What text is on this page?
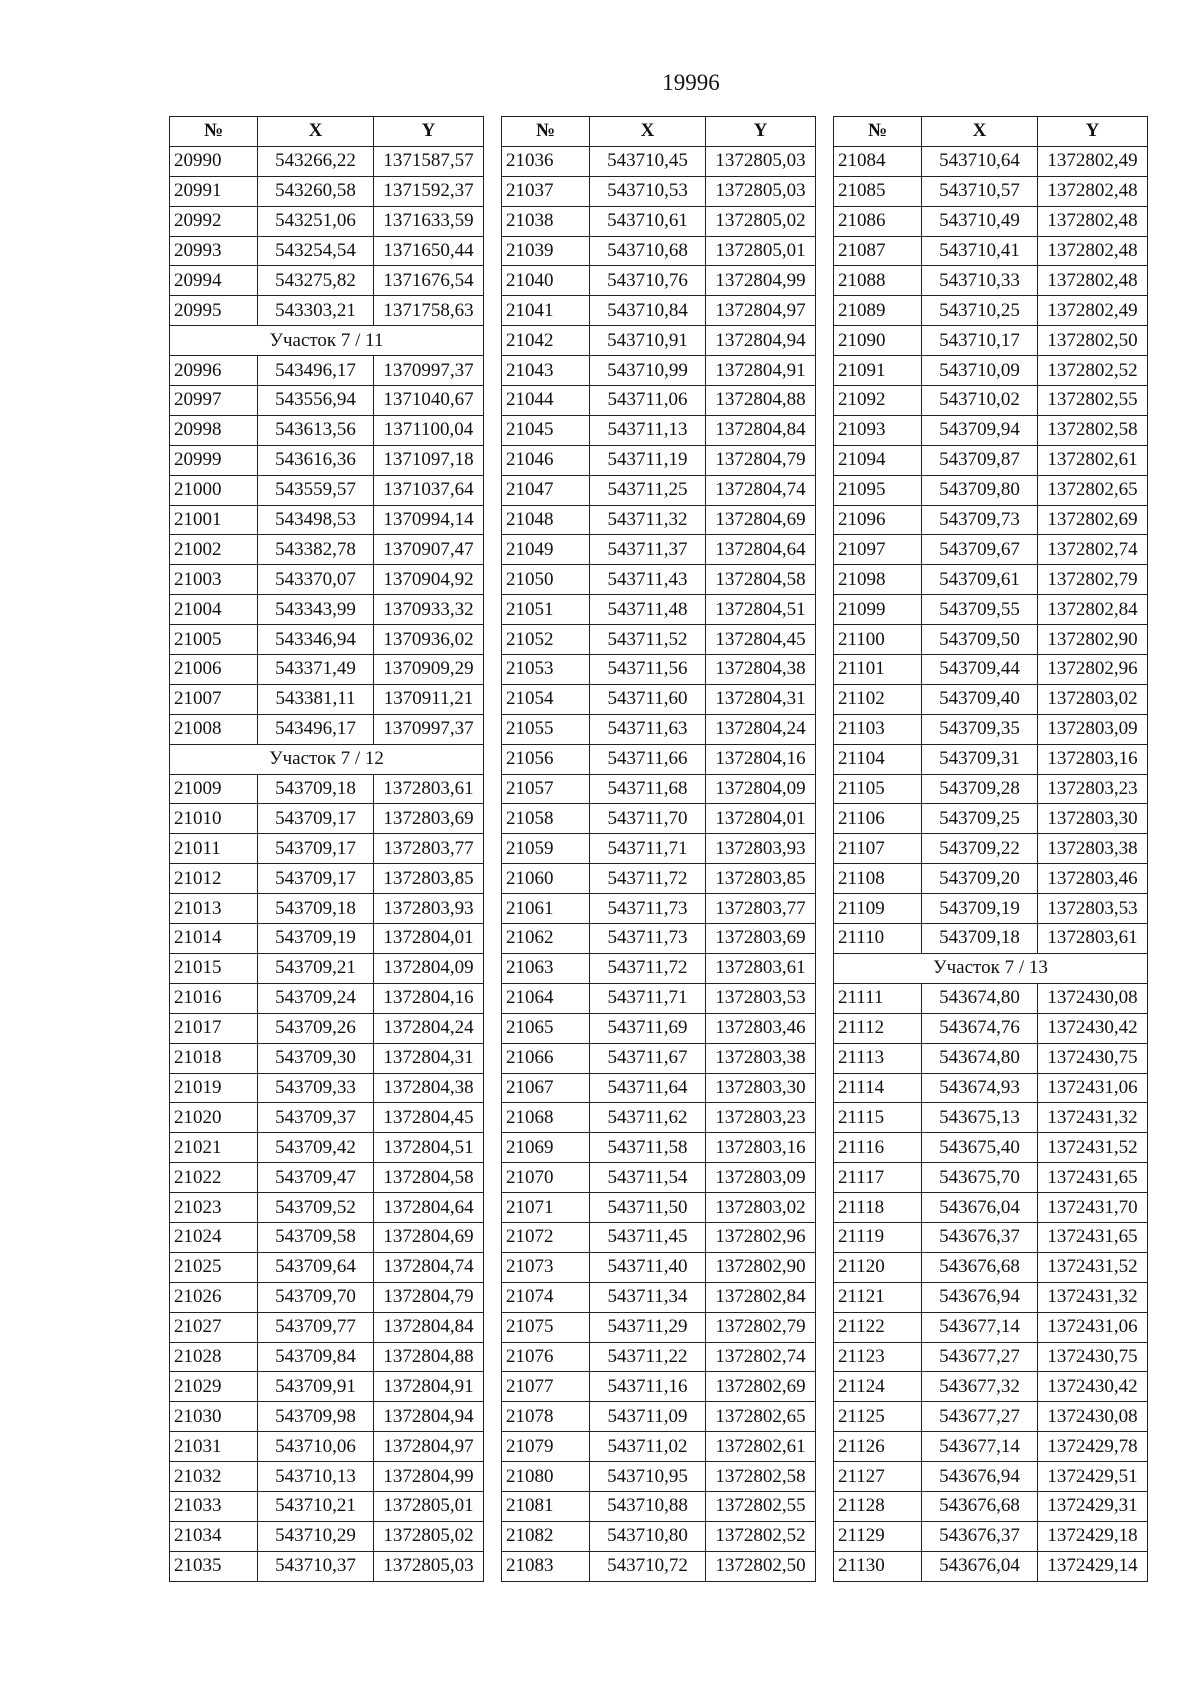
19996
№	X	Y
20990	543266,22	1371587,57
20991	543260,58	1371592,37
20992	543251,06	1371633,59
20993	543254,54	1371650,44
20994	543275,82	1371676,54
20995	543303,21	1371758,63
Участок 7 / 11		
20996	543496,17	1370997,37
20997	543556,94	1371040,67
20998	543613,56	1371100,04
20999	543616,36	1371097,18
21000	543559,57	1371037,64
21001	543498,53	1370994,14
21002	543382,78	1370907,47
21003	543370,07	1370904,92
21004	543343,99	1370933,32
21005	543346,94	1370936,02
21006	543371,49	1370909,29
21007	543381,11	1370911,21
21008	543496,17	1370997,37
Участок 7 / 12		
21009	543709,18	1372803,61
21010	543709,17	1372803,69
21011	543709,17	1372803,77
21012	543709,17	1372803,85
21013	543709,18	1372803,93
21014	543709,19	1372804,01
21015	543709,21	1372804,09
21016	543709,24	1372804,16
21017	543709,26	1372804,24
21018	543709,30	1372804,31
21019	543709,33	1372804,38
21020	543709,37	1372804,45
21021	543709,42	1372804,51
21022	543709,47	1372804,58
21023	543709,52	1372804,64
21024	543709,58	1372804,69
21025	543709,64	1372804,74
21026	543709,70	1372804,79
21027	543709,77	1372804,84
21028	543709,84	1372804,88
21029	543709,91	1372804,91
21030	543709,98	1372804,94
21031	543710,06	1372804,97
21032	543710,13	1372804,99
21033	543710,21	1372805,01
21034	543710,29	1372805,02
21035	543710,37	1372805,03
№	X	Y
21036	543710,45	1372805,03
21037	543710,53	1372805,03
21038	543710,61	1372805,02
21039	543710,68	1372805,01
21040	543710,76	1372804,99
21041	543710,84	1372804,97
21042	543710,91	1372804,94
21043	543710,99	1372804,91
21044	543711,06	1372804,88
21045	543711,13	1372804,84
21046	543711,19	1372804,79
21047	543711,25	1372804,74
21048	543711,32	1372804,69
21049	543711,37	1372804,64
21050	543711,43	1372804,58
21051	543711,48	1372804,51
21052	543711,52	1372804,45
21053	543711,56	1372804,38
21054	543711,60	1372804,31
21055	543711,63	1372804,24
21056	543711,66	1372804,16
21057	543711,68	1372804,09
21058	543711,70	1372804,01
21059	543711,71	1372803,93
21060	543711,72	1372803,85
21061	543711,73	1372803,77
21062	543711,73	1372803,69
21063	543711,72	1372803,61
21064	543711,71	1372803,53
21065	543711,69	1372803,46
21066	543711,67	1372803,38
21067	543711,64	1372803,30
21068	543711,62	1372803,23
21069	543711,58	1372803,16
21070	543711,54	1372803,09
21071	543711,50	1372803,02
21072	543711,45	1372802,96
21073	543711,40	1372802,90
21074	543711,34	1372802,84
21075	543711,29	1372802,79
21076	543711,22	1372802,74
21077	543711,16	1372802,69
21078	543711,09	1372802,65
21079	543711,02	1372802,61
21080	543710,95	1372802,58
21081	543710,88	1372802,55
21082	543710,80	1372802,52
21083	543710,72	1372802,50
№	X	Y
21084	543710,64	1372802,49
21085	543710,57	1372802,48
21086	543710,49	1372802,48
21087	543710,41	1372802,48
21088	543710,33	1372802,48
21089	543710,25	1372802,49
21090	543710,17	1372802,50
21091	543710,09	1372802,52
21092	543710,02	1372802,55
21093	543709,94	1372802,58
21094	543709,87	1372802,61
21095	543709,80	1372802,65
21096	543709,73	1372802,69
21097	543709,67	1372802,74
21098	543709,61	1372802,79
21099	543709,55	1372802,84
21100	543709,50	1372802,90
21101	543709,44	1372802,96
21102	543709,40	1372803,02
21103	543709,35	1372803,09
21104	543709,31	1372803,16
21105	543709,28	1372803,23
21106	543709,25	1372803,30
21107	543709,22	1372803,38
21108	543709,20	1372803,46
21109	543709,19	1372803,53
21110	543709,18	1372803,61
Участок 7 / 13		
21111	543674,80	1372430,08
21112	543674,76	1372430,42
21113	543674,80	1372430,75
21114	543674,93	1372431,06
21115	543675,13	1372431,32
21116	543675,40	1372431,52
21117	543675,70	1372431,65
21118	543676,04	1372431,70
21119	543676,37	1372431,65
21120	543676,68	1372431,52
21121	543676,94	1372431,32
21122	543677,14	1372431,06
21123	543677,27	1372430,75
21124	543677,32	1372430,42
21125	543677,27	1372430,08
21126	543677,14	1372429,78
21127	543676,94	1372429,51
21128	543676,68	1372429,31
21129	543676,37	1372429,18
21130	543676,04	1372429,14
